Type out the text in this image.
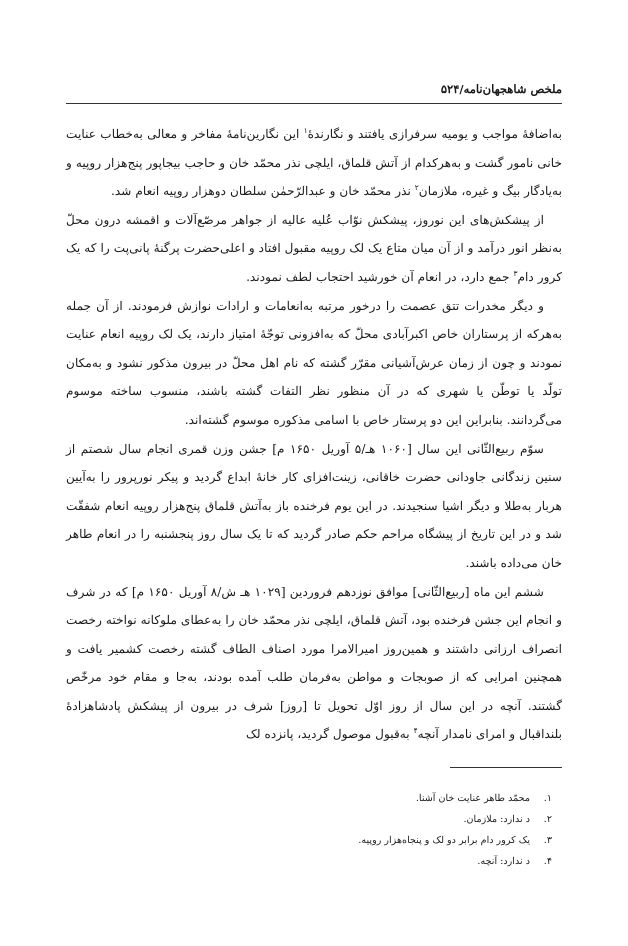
ملخص شاهجهان‌نامه/۵۲۴

به‌اضافهٔ مواجب و یومیه سرفرازی یافتند و نگارندهٔ$^۱$ این نگارین‌نامهٔ مفاخر و معالی به‌خطاب عنایت خانی نامور گشت و به‌هرکدام از آتش قلماق، ایلچی نذر محمّد خان و حاجب بیجاپور پنج‌هزار روپیه و به‌یادگار بیگ و غیره، ملازمان$^۲$ نذر محمّد خان و عبدالرّحمٰن سلطان دوهزار روپیه انعام شد.

از پیشکش‌های این نوروز، پیشکش نوّاب عُلیه عالیه از جواهر مرصّع‌آلات و اقمشه درون محلّ به‌نظر انور درآمد و از آن میان متاع یک لک روپیه مقبول افتاد و اعلی‌حضرت پرگنهٔ پانی‌پت را که یک کرور دام$^۳$ جمع دارد، در انعام آن خورشید احتجاب لطف نمودند.

و دیگر مخدرات تتق عصمت را درخور مرتبه به‌انعامات و ارادات نوازش فرمودند. از آن جمله به‌هرکه از پرستاران خاص اکبرآبادی محلّ که به‌افزونی توجّهٔ امتیاز دارند، یک لک روپیه انعام عنایت نمودند و چون از زمان عرش‌آشیانی مقرّر گشته که نام اهل محلّ در بیرون مذکور نشود و به‌مکان تولّد یا توطّن یا شهری که در آن منظور نظر التفات گشته باشند، منسوب ساخته موسوم می‌گردانند. بنابراین این دو پرستار خاص با اسامی مذکوره موسوم گشته‌اند.

سوّم ربیع‌الثّانی این سال [۱۰۶۰ هـ/۵ آوریل ۱۶۵۰ م] جشن وزن قمری انجام سال شصتم از سنین زندگانی جاودانی حضرت خاقانی، زینت‌افزای کار خانهٔ ابداع گردید و پیکر نورپرور را به‌آیین هربار به‌طلا و دیگر اشیا سنجیدند. در این یوم فرخنده باز به‌آتش قلماق پنج‌هزار روپیه انعام شفقّت شد و در این تاریخ از پیشگاه مراحم حکم صادر گردید که تا یک سال روز پنجشنبه را در انعام طاهر خان می‌داده باشند.

ششم این ماه [ربیع‌الثّانی] موافق نوزدهم فروردین [۱۰۲۹ هـ ش/۸ آوریل ۱۶۵۰ م] که در شرف و انجام این جشن فرخنده بود، آتش قلماق، ایلچی نذر محمّد خان را به‌عطای ملوکانه نواخته رخصت انصراف ارزانی داشتند و همین‌روز امیرالامرا مورد اصناف الطاف گشته رخصت کشمیر یافت و همچنین امرایی که از صوبجات و مواطن به‌فرمان طلب آمده بودند، به‌جا و مقام خود مرخّص گشتند. آنچه در این سال از روز اوّل تحویل تا [روز] شرف در بیرون از پیشکش پادشاهزادهٔ بلنداقبال و امرای نامدار آنچه$^۴$ به‌قبول موصول گردید، پانزده لک

۱.
محمّد طاهر عنایت خان آشنا.
۲.
د ندارد: ملازمان.
۳.
یک کرور دام برابر دو لک و پنجاه‌هزار روپیه.
۴.
د ندارد: آنچه.
